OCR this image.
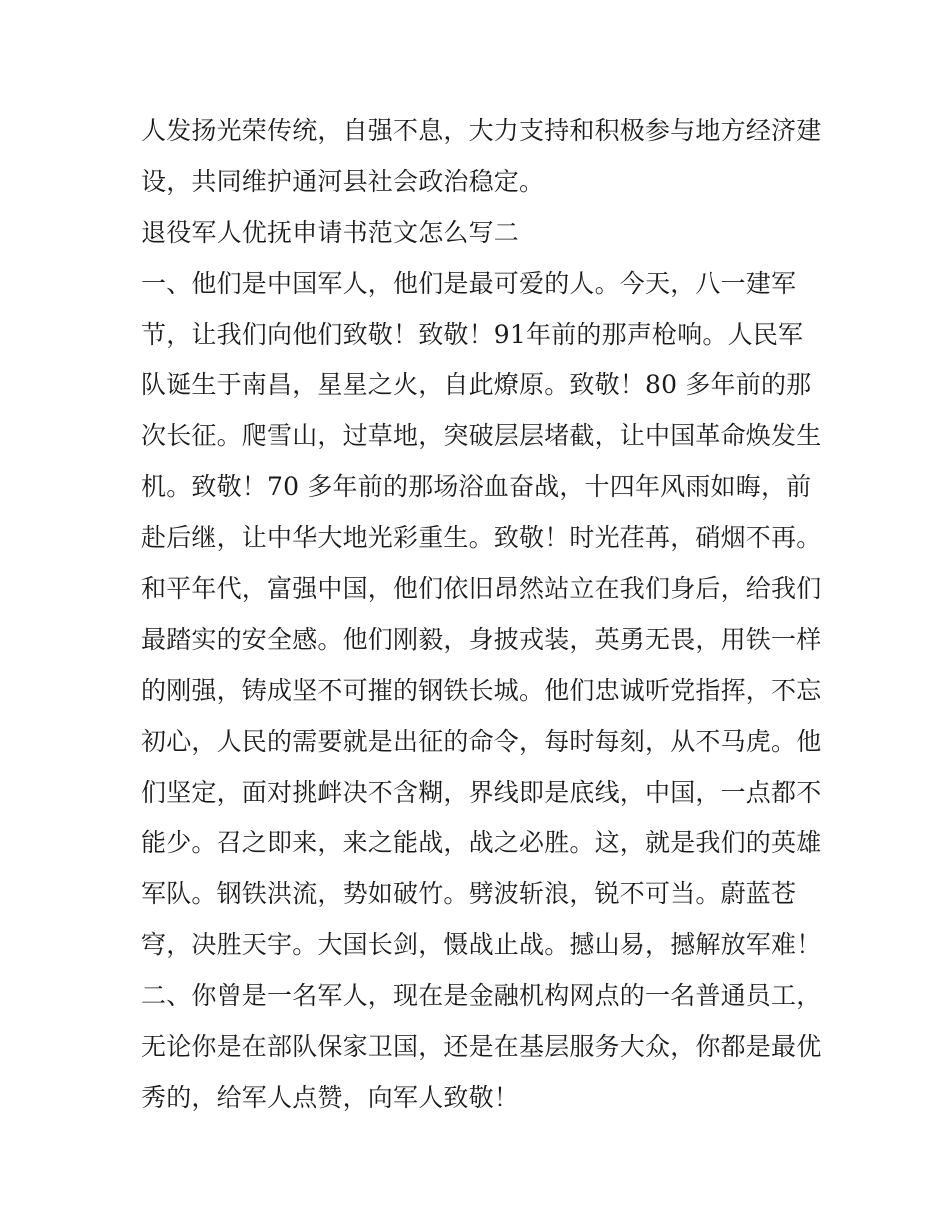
人发扬光荣传统，自强不息，大力支持和积极参与地方经济建
设，共同维护通河县社会政治稳定。
退役军人优抚申请书范文怎么写二
一、他们是中国军人，他们是最可爱的人。今天，八一建军
节，让我们向他们致敬！致敬！91年前的那声枪响。人民军
队诞生于南昌，星星之火，自此燎原。致敬！80 多年前的那
次长征。爬雪山，过草地，突破层层堵截，让中国革命焕发生
机。致敬！70 多年前的那场浴血奋战，十四年风雨如晦，前
赴后继，让中华大地光彩重生。致敬！时光荏苒，硝烟不再。
和平年代，富强中国，他们依旧昂然站立在我们身后，给我们
最踏实的安全感。他们刚毅，身披戎装，英勇无畏，用铁一样
的刚强，铸成坚不可摧的钢铁长城。他们忠诚听党指挥，不忘
初心，人民的需要就是出征的命令，每时每刻，从不马虎。他
们坚定，面对挑衅决不含糊，界线即是底线，中国，一点都不
能少。召之即来，来之能战，战之必胜。这，就是我们的英雄
军队。钢铁洪流，势如破竹。劈波斩浪，锐不可当。蔚蓝苍
穹，决胜天宇。大国长剑，慑战止战。撼山易，撼解放军难！
二、你曾是一名军人，现在是金融机构网点的一名普通员工，
无论你是在部队保家卫国，还是在基层服务大众，你都是最优
秀的，给军人点赞，向军人致敬！
